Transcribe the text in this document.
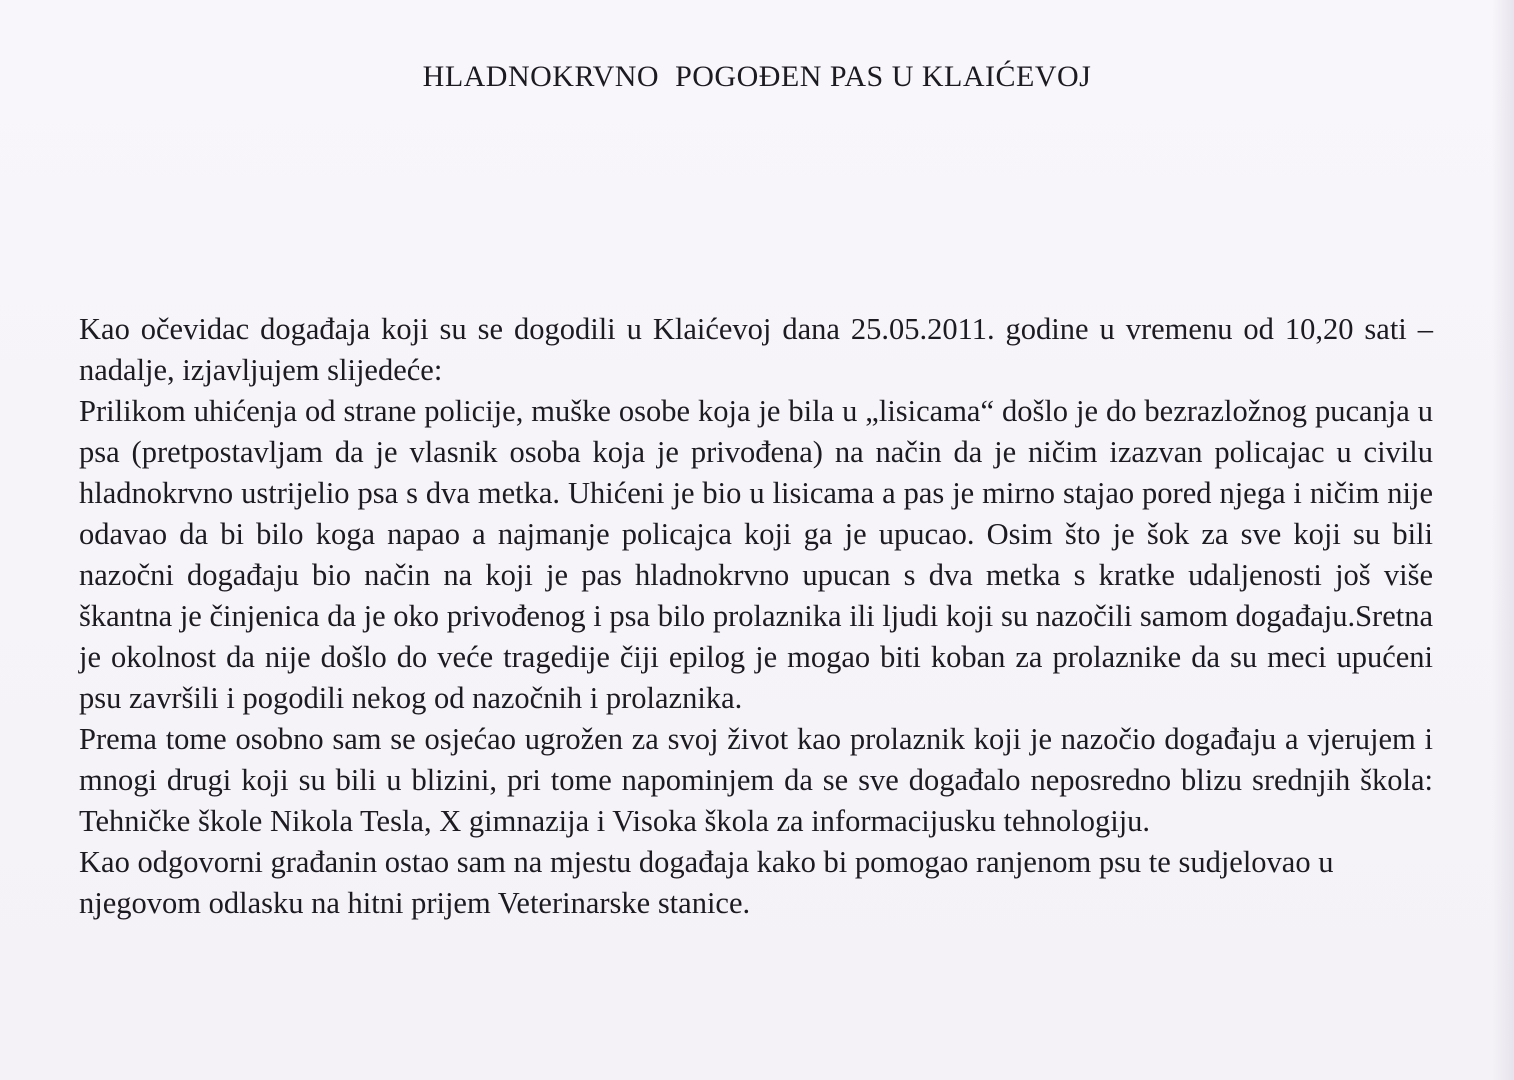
HLADNOKRVNO  POGOĐEN PAS U KLAIĆEVOJ

Kao očevidac događaja koji su se dogodili u Klaićevoj dana 25.05.2011. godine u vremenu od 10,20 sati – nadalje, izjavljujem slijedeće:

Prilikom uhićenja od strane policije, muške osobe koja je bila u „lisicama“ došlo je do bezrazložnog pucanja u psa (pretpostavljam da je vlasnik osoba koja je privođena) na način da je ničim izazvan policajac u civilu hladnokrvno ustrijelio psa s dva metka. Uhićeni je bio u lisicama a pas je mirno stajao pored njega i ničim nije odavao da bi bilo koga napao a najmanje policajca koji ga je upucao. Osim što je šok za sve koji su bili nazočni događaju bio način na koji je pas hladnokrvno upucan s dva metka s kratke udaljenosti još više škantna je činjenica da je oko privođenog i psa bilo prolaznika ili ljudi koji su nazočili samom događaju.Sretna je okolnost da nije došlo do veće tragedije čiji epilog je mogao biti koban za prolaznike da su meci upućeni psu završili i pogodili nekog od nazočnih i prolaznika.

Prema tome osobno sam se osjećao ugrožen za svoj život kao prolaznik koji je nazočio događaju a vjerujem i mnogi drugi koji su bili u blizini, pri tome napominjem da se sve događalo neposredno blizu srednjih škola: Tehničke škole Nikola Tesla, X gimnazija i Visoka škola za informacijusku tehnologiju.

Kao odgovorni građanin ostao sam na mjestu događaja kako bi pomogao ranjenom psu te sudjelovao u njegovom odlasku na hitni prijem Veterinarske stanice.
